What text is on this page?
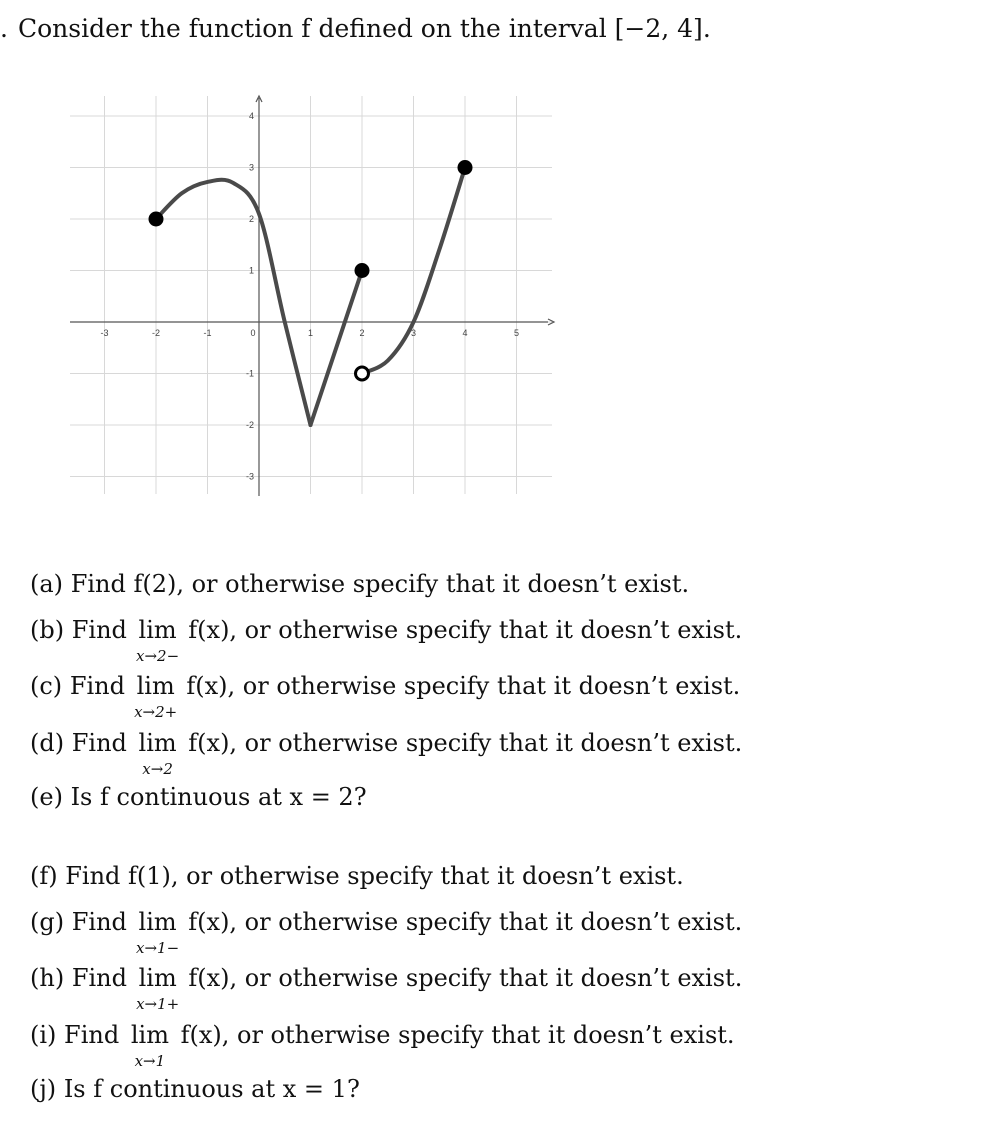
. Consider the function f defined on the interval [−2, 4].
-3	-2	-1	0	1	2	3	4	5
4
3
2
1
-1
-2
-3
(a) Find f(2), or otherwise specify that it doesn’t exist.
(b) Find lim
x→2−
f(x), or otherwise specify that it doesn’t exist.
(c) Find lim
x→2+
f(x), or otherwise specify that it doesn’t exist.
(d) Find lim
x→2
f(x), or otherwise specify that it doesn’t exist.
(e) Is f continuous at x = 2?
(f) Find f(1), or otherwise specify that it doesn’t exist.
(g) Find lim
x→1−
f(x), or otherwise specify that it doesn’t exist.
(h) Find lim
x→1+
f(x), or otherwise specify that it doesn’t exist.
(i) Find lim
x→1
f(x), or otherwise specify that it doesn’t exist.
(j) Is f continuous at x = 1?
